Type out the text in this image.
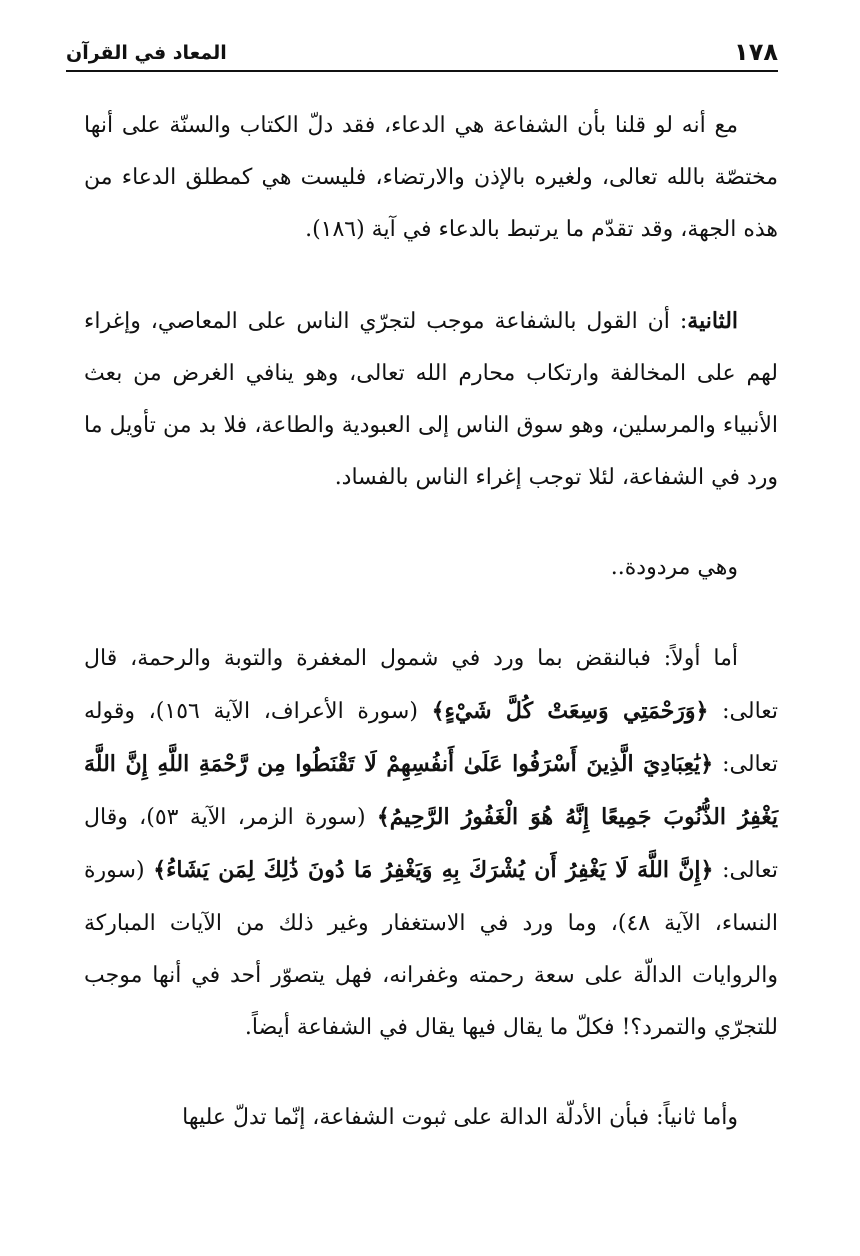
المعاد في القرآن	١٧٨

مع أنه لو قلنا بأن الشفاعة هي الدعاء، فقد دلّ الكتاب والسنّة على أنها مختصّة بالله تعالى، ولغيره بالإذن والارتضاء، فليست هي كمطلق الدعاء من هذه الجهة، وقد تقدّم ما يرتبط بالدعاء في آية (١٨٦).

الثانية: أن القول بالشفاعة موجب لتجرّي الناس على المعاصي، وإغراء لهم على المخالفة وارتكاب محارم الله تعالى، وهو ينافي الغرض من بعث الأنبياء والمرسلين، وهو سوق الناس إلى العبودية والطاعة، فلا بد من تأويل ما ورد في الشفاعة، لئلا توجب إغراء الناس بالفساد.

وهي مردودة..

أما أولاً: فبالنقض بما ورد في شمول المغفرة والتوبة والرحمة، قال تعالى: ﴿وَرَحْمَتِي وَسِعَتْ كُلَّ شَيْءٍ﴾ (سورة الأعراف، الآية ١٥٦)، وقوله تعالى: ﴿يَٰعِبَادِيَ الَّذِينَ أَسْرَفُوا عَلَىٰ أَنفُسِهِمْ لَا تَقْنَطُوا مِن رَّحْمَةِ اللَّهِ إِنَّ اللَّهَ يَغْفِرُ الذُّنُوبَ جَمِيعًا إِنَّهُ هُوَ الْغَفُورُ الرَّحِيمُ﴾ (سورة الزمر، الآية ٥٣)، وقال تعالى: ﴿إِنَّ اللَّهَ لَا يَغْفِرُ أَن يُشْرَكَ بِهِ وَيَغْفِرُ مَا دُونَ ذَٰلِكَ لِمَن يَشَاءُ﴾ (سورة النساء، الآية ٤٨)، وما ورد في الاستغفار وغير ذلك من الآيات المباركة والروايات الدالّة على سعة رحمته وغفرانه، فهل يتصوّر أحد في أنها موجب للتجرّي والتمرد؟! فكلّ ما يقال فيها يقال في الشفاعة أيضاً.

وأما ثانياً: فبأن الأدلّة الدالة على ثبوت الشفاعة، إنّما تدلّ عليها
